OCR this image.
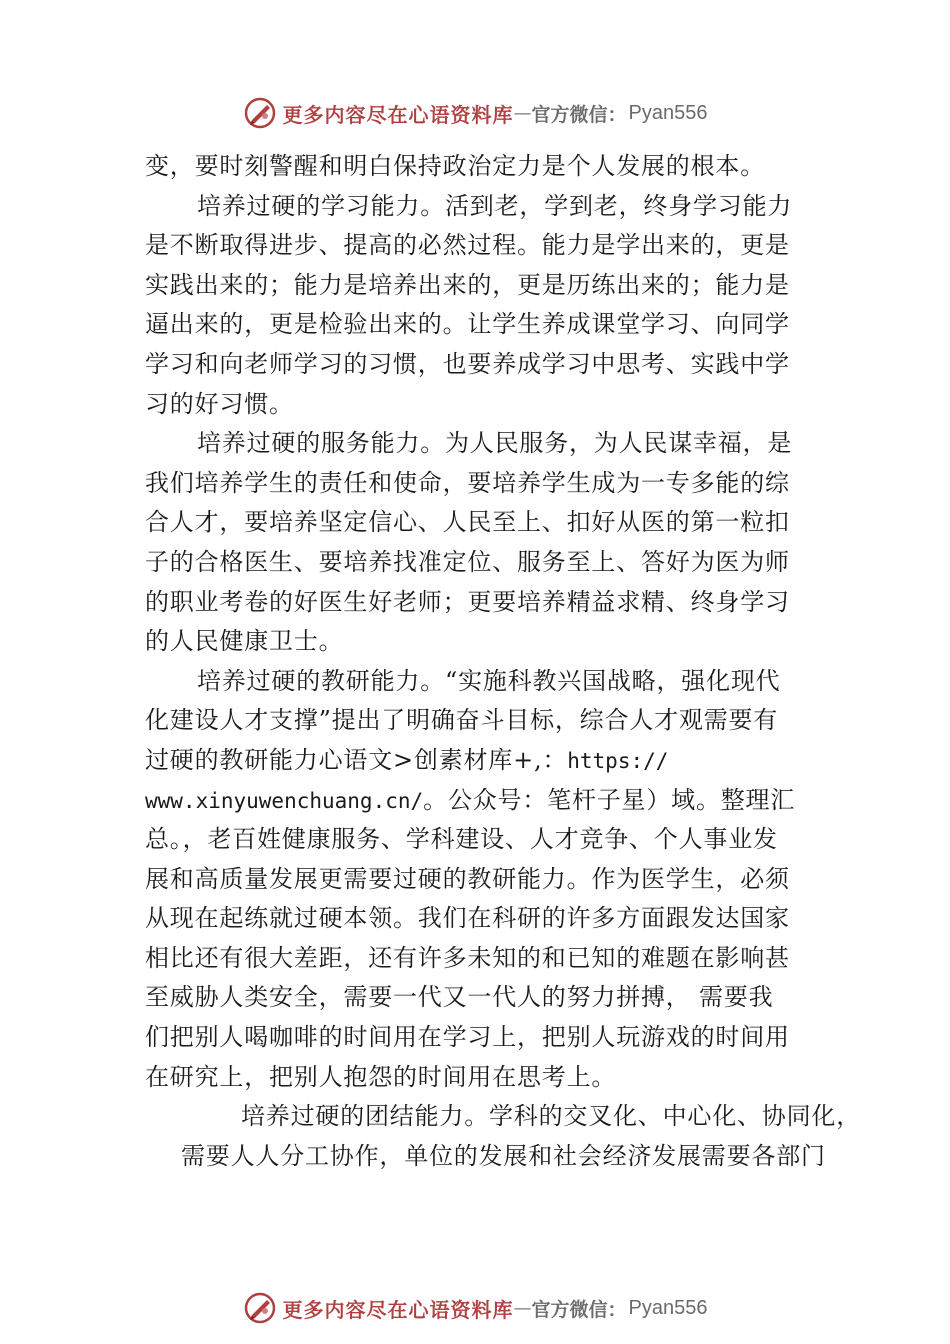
更多内容尽在心语资料库 — 官方微信： Pyan556
变，要时刻警醒和明白保持政治定力是个人发展的根本。
培养过硬的学习能力。活到老，学到老，终身学习能力
是不断取得进步、提高的必然过程。能力是学出来的，更是
实践出来的；能力是培养出来的，更是历练出来的；能力是
逼出来的，更是检验出来的。让学生养成课堂学习、向同学
学习和向老师学习的习惯，也要养成学习中思考、实践中学
习的好习惯。
培养过硬的服务能力。为人民服务，为人民谋幸福，是
我们培养学生的责任和使命，要培养学生成为一专多能的综
合人才，要培养坚定信心、人民至上、扣好从医的第一粒扣
子的合格医生、要培养找准定位、服务至上、答好为医为师
的职业考卷的好医生好老师；更要培养精益求精、终身学习
的人民健康卫士。
培养过硬的教研能力。“实施科教兴国战略，强化现代
化建设人才支撑”提出了明确奋斗目标，综合人才观需要有
过硬的教研能力心语文>创素材库+,：https://
www.xinyuwenchuang.cn/。公众号：笔杆子星）域。整理汇
总。，老百姓健康服务、学科建设、人才竞争、个人事业发
展和高质量发展更需要过硬的教研能力。作为医学生，必须
从现在起练就过硬本领。我们在科研的许多方面跟发达国家
相比还有很大差距，还有许多未知的和已知的难题在影响甚
至威胁人类安全，需要一代又一代人的努力拼搏， 需要我
们把别人喝咖啡的时间用在学习上，把别人玩游戏的时间用
在研究上，把别人抱怨的时间用在思考上。
培养过硬的团结能力。学科的交叉化、中心化、协同化，
需要人人分工协作，单位的发展和社会经济发展需要各部门
更多内容尽在心语资料库 — 官方微信： Pyan556
